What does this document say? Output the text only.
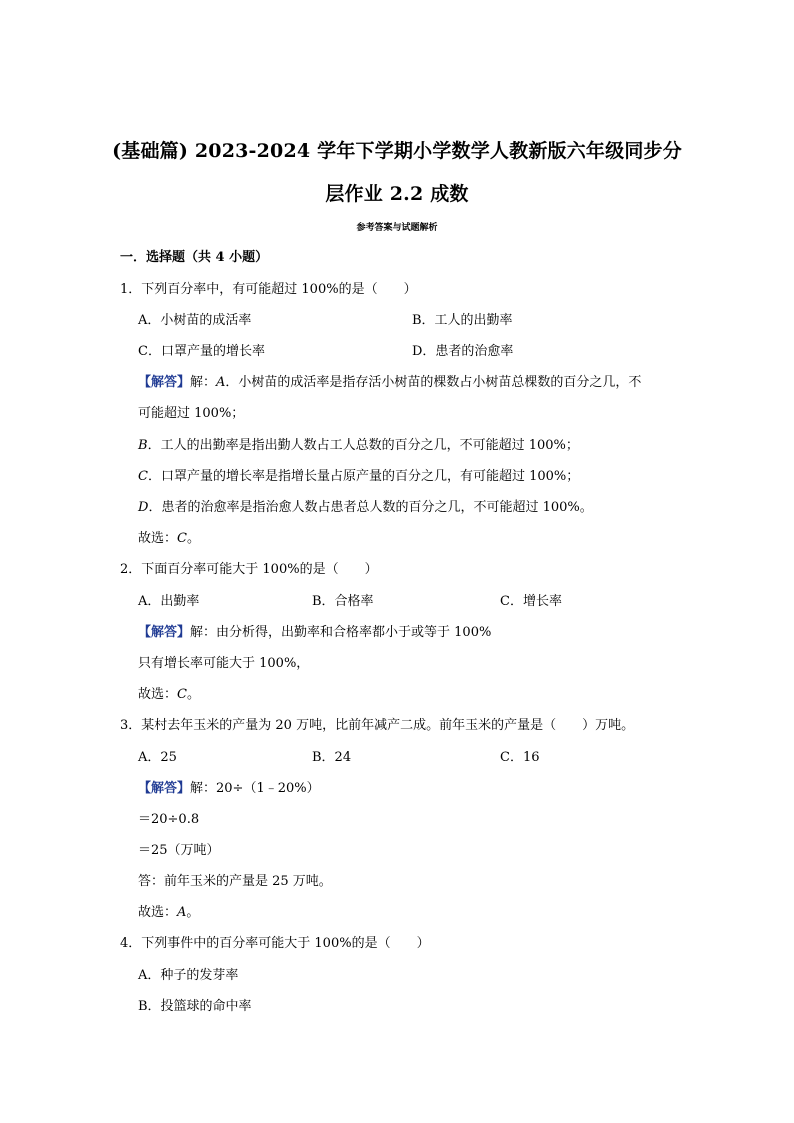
(基础篇) 2023-2024 学年下学期小学数学人教新版六年级同步分
层作业 2.2 成数
参考答案与试题解析
一．选择题（共 4 小题）
1．下列百分率中，有可能超过 100%的是（　　）
A．小树苗的成活率	B．工人的出勤率
C．口罩产量的增长率	D．患者的治愈率
【解答】解：A．小树苗的成活率是指存活小树苗的棵数占小树苗总棵数的百分之几，不
可能超过 100%；
B．工人的出勤率是指出勤人数占工人总数的百分之几，不可能超过 100%；
C．口罩产量的增长率是指增长量占原产量的百分之几，有可能超过 100%；
D．患者的治愈率是指治愈人数占患者总人数的百分之几，不可能超过 100%。
故选：C。
2．下面百分率可能大于 100%的是（　　）
A．出勤率	B．合格率	C．增长率
【解答】解：由分析得，出勤率和合格率都小于或等于 100%
只有增长率可能大于 100%，
故选：C。
3．某村去年玉米的产量为 20 万吨，比前年减产二成。前年玉米的产量是（　　）万吨。
A．25	B．24	C．16
【解答】解：20÷（1﹣20%）
＝20÷0.8
＝25（万吨）
答：前年玉米的产量是 25 万吨。
故选：A。
4．下列事件中的百分率可能大于 100%的是（　　）
A．种子的发芽率
B．投篮球的命中率
